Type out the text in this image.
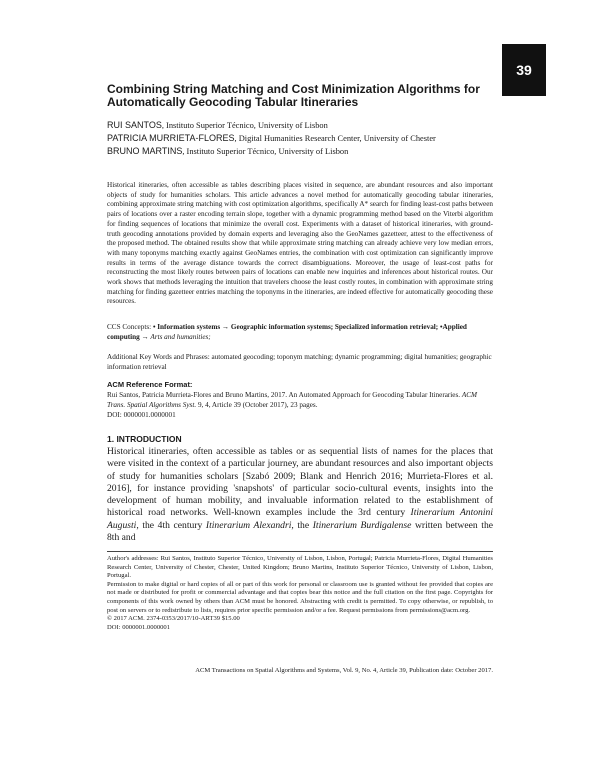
39
Combining String Matching and Cost Minimization Algorithms for Automatically Geocoding Tabular Itineraries
RUI SANTOS, Instituto Superior Técnico, University of Lisbon
PATRICIA MURRIETA-FLORES, Digital Humanities Research Center, University of Chester
BRUNO MARTINS, Instituto Superior Técnico, University of Lisbon

Historical itineraries, often accessible as tables describing places visited in sequence, are abundant resources and also important objects of study for humanities scholars. This article advances a novel method for automatically geocoding tabular itineraries, combining approximate string matching with cost optimization algorithms, specifically A* search for finding least-cost paths between pairs of locations over a raster encoding terrain slope, together with a dynamic programming method based on the Viterbi algorithm for finding sequences of locations that minimize the overall cost. Experiments with a dataset of historical itineraries, with ground-truth geocoding annotations provided by domain experts and leveraging also the GeoNames gazetteer, attest to the effectiveness of the proposed method. The obtained results show that while approximate string matching can already achieve very low median errors, with many toponyms matching exactly against GeoNames entries, the combination with cost optimization can significantly improve results in terms of the average distance towards the correct disambiguations. Moreover, the usage of least-cost paths for reconstructing the most likely routes between pairs of locations can enable new inquiries and inferences about historical routes. Our work shows that methods leveraging the intuition that travelers choose the least costly routes, in combination with approximate string matching for finding gazetteer entries matching the toponyms in the itineraries, are indeed effective for automatically geocoding these resources.

CCS Concepts: • Information systems → Geographic information systems; Specialized information retrieval; •Applied computing → Arts and humanities;

Additional Key Words and Phrases: automated geocoding; toponym matching; dynamic programming; digital humanities; geographic information retrieval

ACM Reference Format:

Rui Santos, Patricia Murrieta-Flores and Bruno Martins, 2017. An Automated Approach for Geocoding Tabular Itineraries. ACM Trans. Spatial Algorithms Syst. 9, 4, Article 39 (October 2017), 23 pages.
DOI: 0000001.0000001

1. INTRODUCTION

Historical itineraries, often accessible as tables or as sequential lists of names for the places that were visited in the context of a particular journey, are abundant resources and also important objects of study for humanities scholars [Szabó 2009; Blank and Henrich 2016; Murrieta-Flores et al. 2016], for instance providing 'snapshots' of particular socio-cultural events, insights into the development of human mobility, and invaluable information related to the establishment of historical road networks. Well-known examples include the 3rd century Itinerarium Antonini Augusti, the 4th century Itinerarium Alexandri, the Itinerarium Burdigalense written between the 8th and

Author's addresses: Rui Santos, Instituto Superior Técnico, University of Lisbon, Lisbon, Portugal; Patricia Murrieta-Flores, Digital Humanities Research Center, University of Chester, Chester, United Kingdom; Bruno Martins, Instituto Superior Técnico, University of Lisbon, Lisbon, Portugal.

Permission to make digital or hard copies of all or part of this work for personal or classroom use is granted without fee provided that copies are not made or distributed for profit or commercial advantage and that copies bear this notice and the full citation on the first page. Copyrights for components of this work owned by others than ACM must be honored. Abstracting with credit is permitted. To copy otherwise, or republish, to post on servers or to redistribute to lists, requires prior specific permission and/or a fee. Request permissions from permissions@acm.org.

© 2017 ACM. 2374-0353/2017/10-ART39 $15.00

DOI: 0000001.0000001

ACM Transactions on Spatial Algorithms and Systems, Vol. 9, No. 4, Article 39, Publication date: October 2017.
